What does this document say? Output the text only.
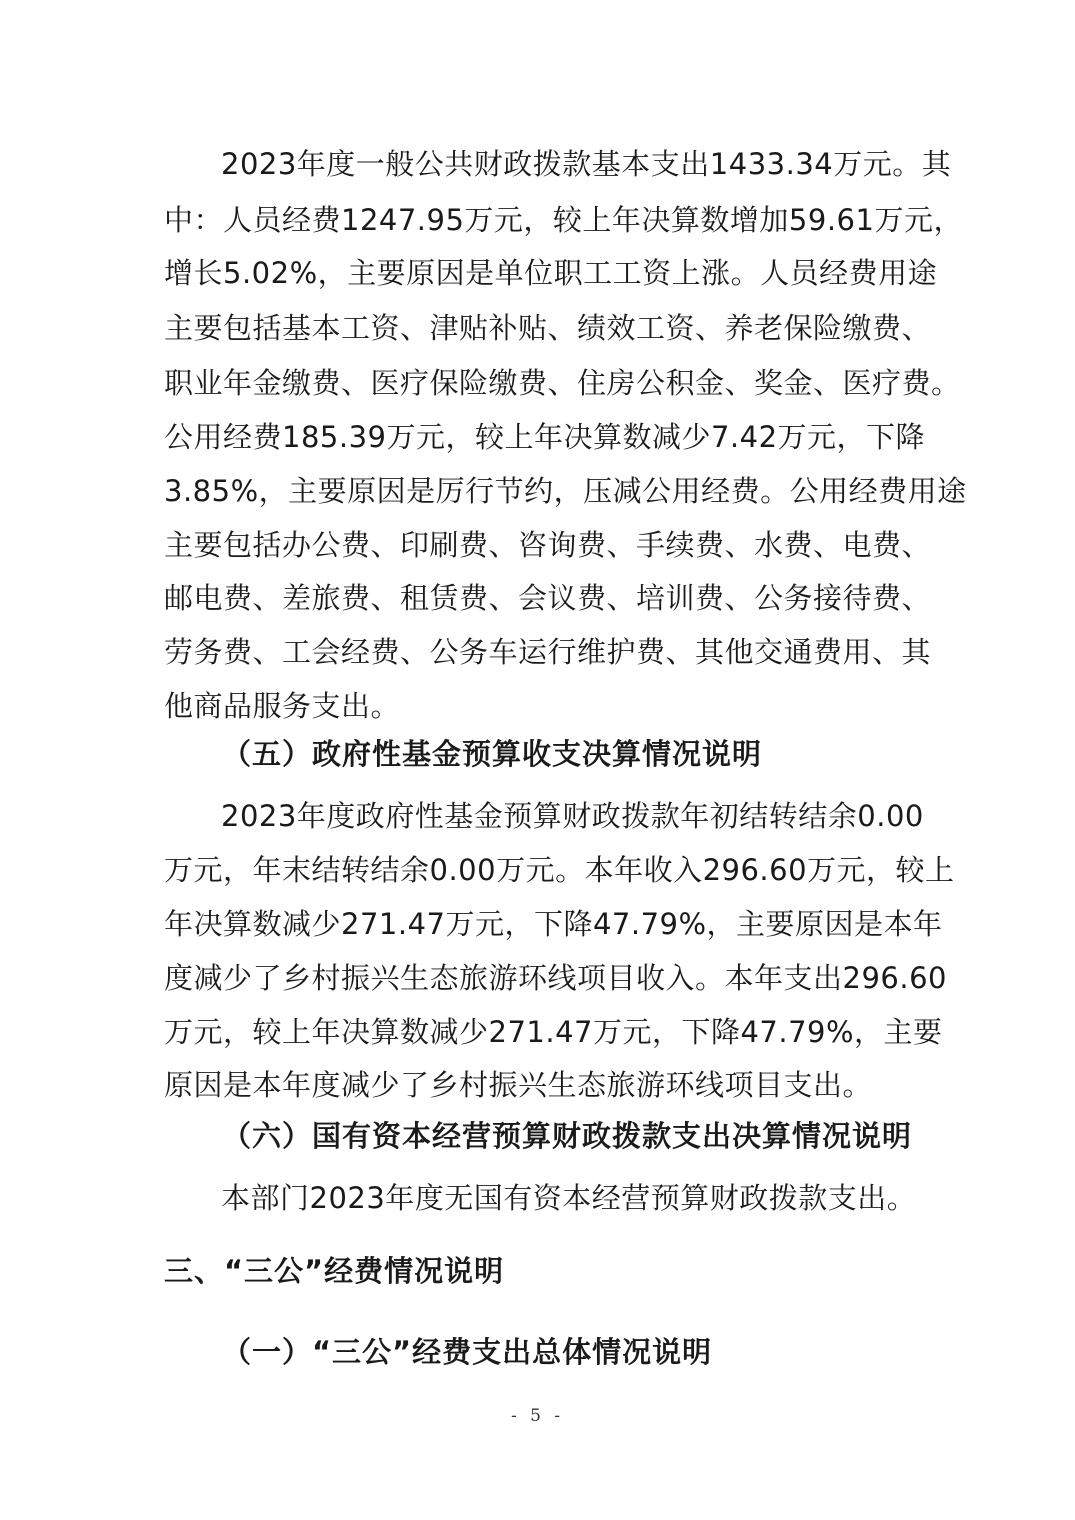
2023年度一般公共财政拨款基本支出1433.34万元。其
中：人员经费1247.95万元，较上年决算数增加59.61万元，
增长5.02%，主要原因是单位职工工资上涨。人员经费用途
主要包括基本工资、津贴补贴、绩效工资、养老保险缴费、
职业年金缴费、医疗保险缴费、住房公积金、奖金、医疗费。
公用经费185.39万元，较上年决算数减少7.42万元，下降
3.85%，主要原因是厉行节约，压减公用经费。公用经费用途
主要包括办公费、印刷费、咨询费、手续费、水费、电费、
邮电费、差旅费、租赁费、会议费、培训费、公务接待费、
劳务费、工会经费、公务车运行维护费、其他交通费用、其
他商品服务支出。
（五）政府性基金预算收支决算情况说明
2023年度政府性基金预算财政拨款年初结转结余0.00
万元，年末结转结余0.00万元。本年收入296.60万元，较上
年决算数减少271.47万元，下降47.79%，主要原因是本年
度减少了乡村振兴生态旅游环线项目收入。本年支出296.60
万元，较上年决算数减少271.47万元，下降47.79%，主要
原因是本年度减少了乡村振兴生态旅游环线项目支出。
（六）国有资本经营预算财政拨款支出决算情况说明
本部门2023年度无国有资本经营预算财政拨款支出。
三、“三公”经费情况说明
（一）“三公”经费支出总体情况说明
- 5 -
